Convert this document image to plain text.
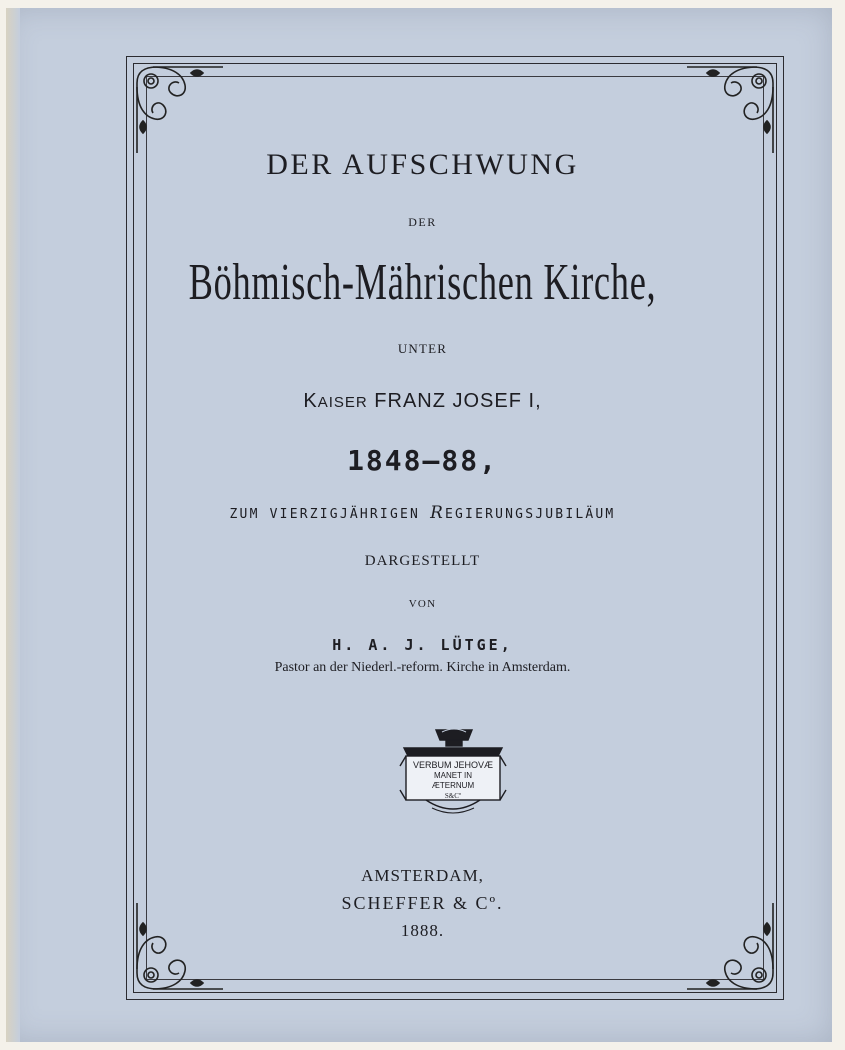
DER AUFSCHWUNG
DER
Böhmisch-Mährischen Kirche,
UNTER
KAISER FRANZ JOSEF I,
1848—88,
ZUM VIERZIGJÄHRIGEN REGIERUNGSJUBILÄUM
DARGESTELLT
VON
H. A. J. LÜTGE,
Pastor an der Niederl.-reform. Kirche in Amsterdam.
VERBUM JEHOVÆ
MANET IN
ÆTERNUM
S&Cº
AMSTERDAM,
SCHEFFER & Cº.
1888.
